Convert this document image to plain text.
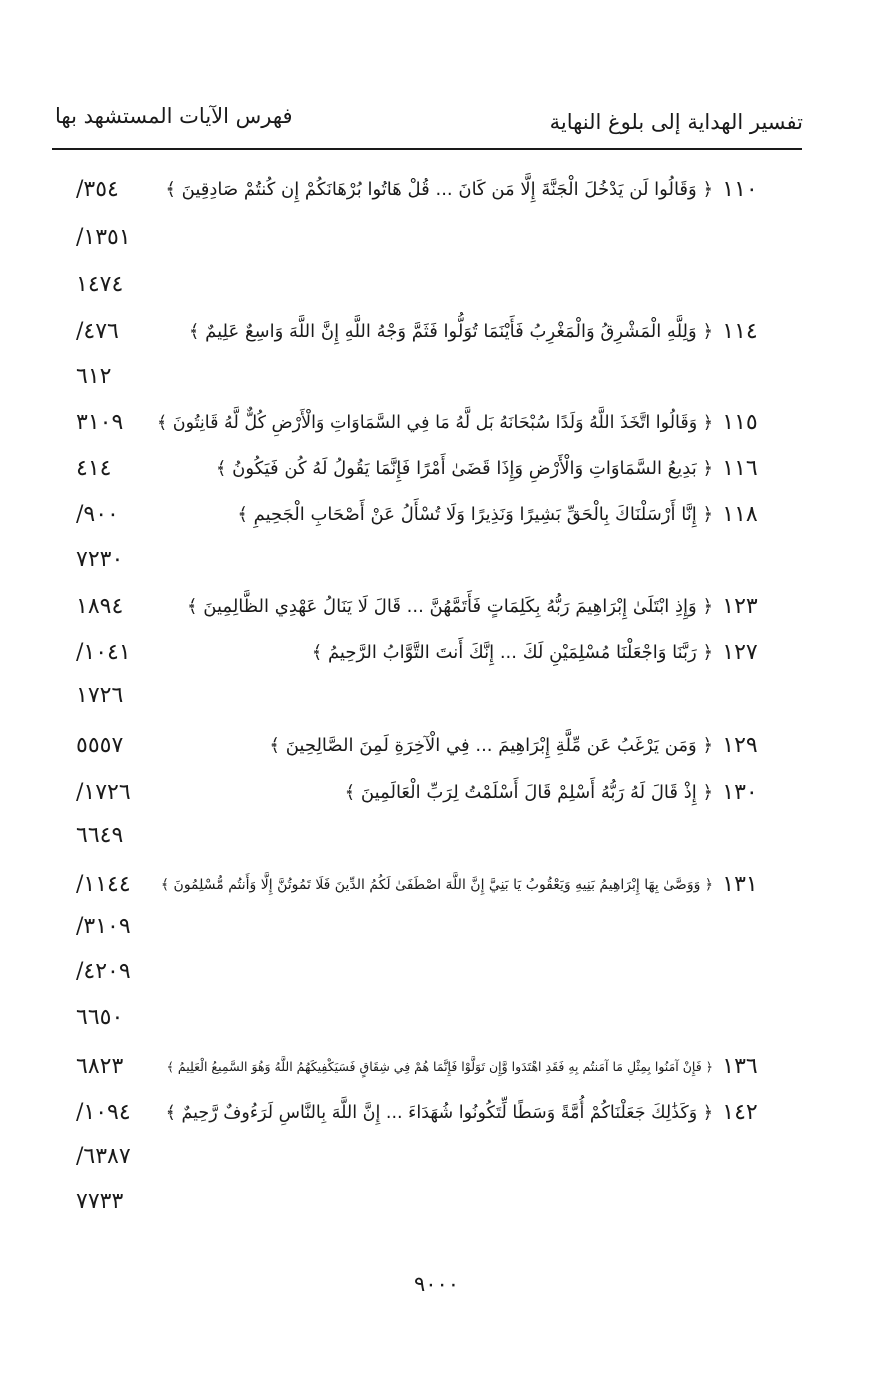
تفسير الهداية إلى بلوغ النهاية
فهرس الآيات المستشهد بها
١١٠
﴿ وَقَالُوا لَن يَدْخُلَ الْجَنَّةَ إِلَّا مَن كَانَ ... قُلْ هَاتُوا بُرْهَانَكُمْ إِن كُنتُمْ صَادِقِينَ ﴾
/٣٥٤
/١٣٥١
١٤٧٤
١١٤
﴿ وَلِلَّهِ الْمَشْرِقُ وَالْمَغْرِبُ فَأَيْنَمَا تُوَلُّوا فَثَمَّ وَجْهُ اللَّهِ إِنَّ اللَّهَ وَاسِعٌ عَلِيمٌ ﴾
/٤٧٦
٦١٢
١١٥
﴿ وَقَالُوا اتَّخَذَ اللَّهُ وَلَدًا سُبْحَانَهُ بَل لَّهُ مَا فِي السَّمَاوَاتِ وَالْأَرْضِ كُلٌّ لَّهُ قَانِتُونَ ﴾
٣١٠٩
١١٦
﴿ بَدِيعُ السَّمَاوَاتِ وَالْأَرْضِ وَإِذَا قَضَىٰ أَمْرًا فَإِنَّمَا يَقُولُ لَهُ كُن فَيَكُونُ ﴾
٤١٤
١١٨
﴿ إِنَّا أَرْسَلْنَاكَ بِالْحَقِّ بَشِيرًا وَنَذِيرًا وَلَا تُسْأَلُ عَنْ أَصْحَابِ الْجَحِيمِ ﴾
/٩٠٠
٧٢٣٠
١٢٣
﴿ وَإِذِ ابْتَلَىٰ إِبْرَاهِيمَ رَبُّهُ بِكَلِمَاتٍ فَأَتَمَّهُنَّ ... قَالَ لَا يَنَالُ عَهْدِي الظَّالِمِينَ ﴾
١٨٩٤
١٢٧
﴿ رَبَّنَا وَاجْعَلْنَا مُسْلِمَيْنِ لَكَ ... إِنَّكَ أَنتَ التَّوَّابُ الرَّحِيمُ ﴾
/١٠٤١
١٧٢٦
١٢٩
﴿ وَمَن يَرْغَبُ عَن مِّلَّةِ إِبْرَاهِيمَ ... فِي الْآخِرَةِ لَمِنَ الصَّالِحِينَ ﴾
٥٥٥٧
١٣٠
﴿ إِذْ قَالَ لَهُ رَبُّهُ أَسْلِمْ قَالَ أَسْلَمْتُ لِرَبِّ الْعَالَمِينَ ﴾
/١٧٢٦
٦٦٤٩
١٣١
﴿ وَوَصَّىٰ بِهَا إِبْرَاهِيمُ بَنِيهِ وَيَعْقُوبُ يَا بَنِيَّ إِنَّ اللَّهَ اصْطَفَىٰ لَكُمُ الدِّينَ فَلَا تَمُوتُنَّ إِلَّا وَأَنتُم مُّسْلِمُونَ ﴾
/١١٤٤
/٣١٠٩
/٤٢٠٩
٦٦٥٠
١٣٦
﴿ فَإِنْ آمَنُوا بِمِثْلِ مَا آمَنتُم بِهِ فَقَدِ اهْتَدَوا وَّإِن تَوَلَّوْا فَإِنَّمَا هُمْ فِي شِقَاقٍ فَسَيَكْفِيكَهُمُ اللَّهُ وَهُوَ السَّمِيعُ الْعَلِيمُ ﴾
٦٨٢٣
١٤٢
﴿ وَكَذَٰلِكَ جَعَلْنَاكُمْ أُمَّةً وَسَطًا لِّتَكُونُوا شُهَدَاءَ ... إِنَّ اللَّهَ بِالنَّاسِ لَرَءُوفٌ رَّحِيمٌ ﴾
/١٠٩٤
/٦٣٨٧
٧٧٣٣
٩٠٠٠
